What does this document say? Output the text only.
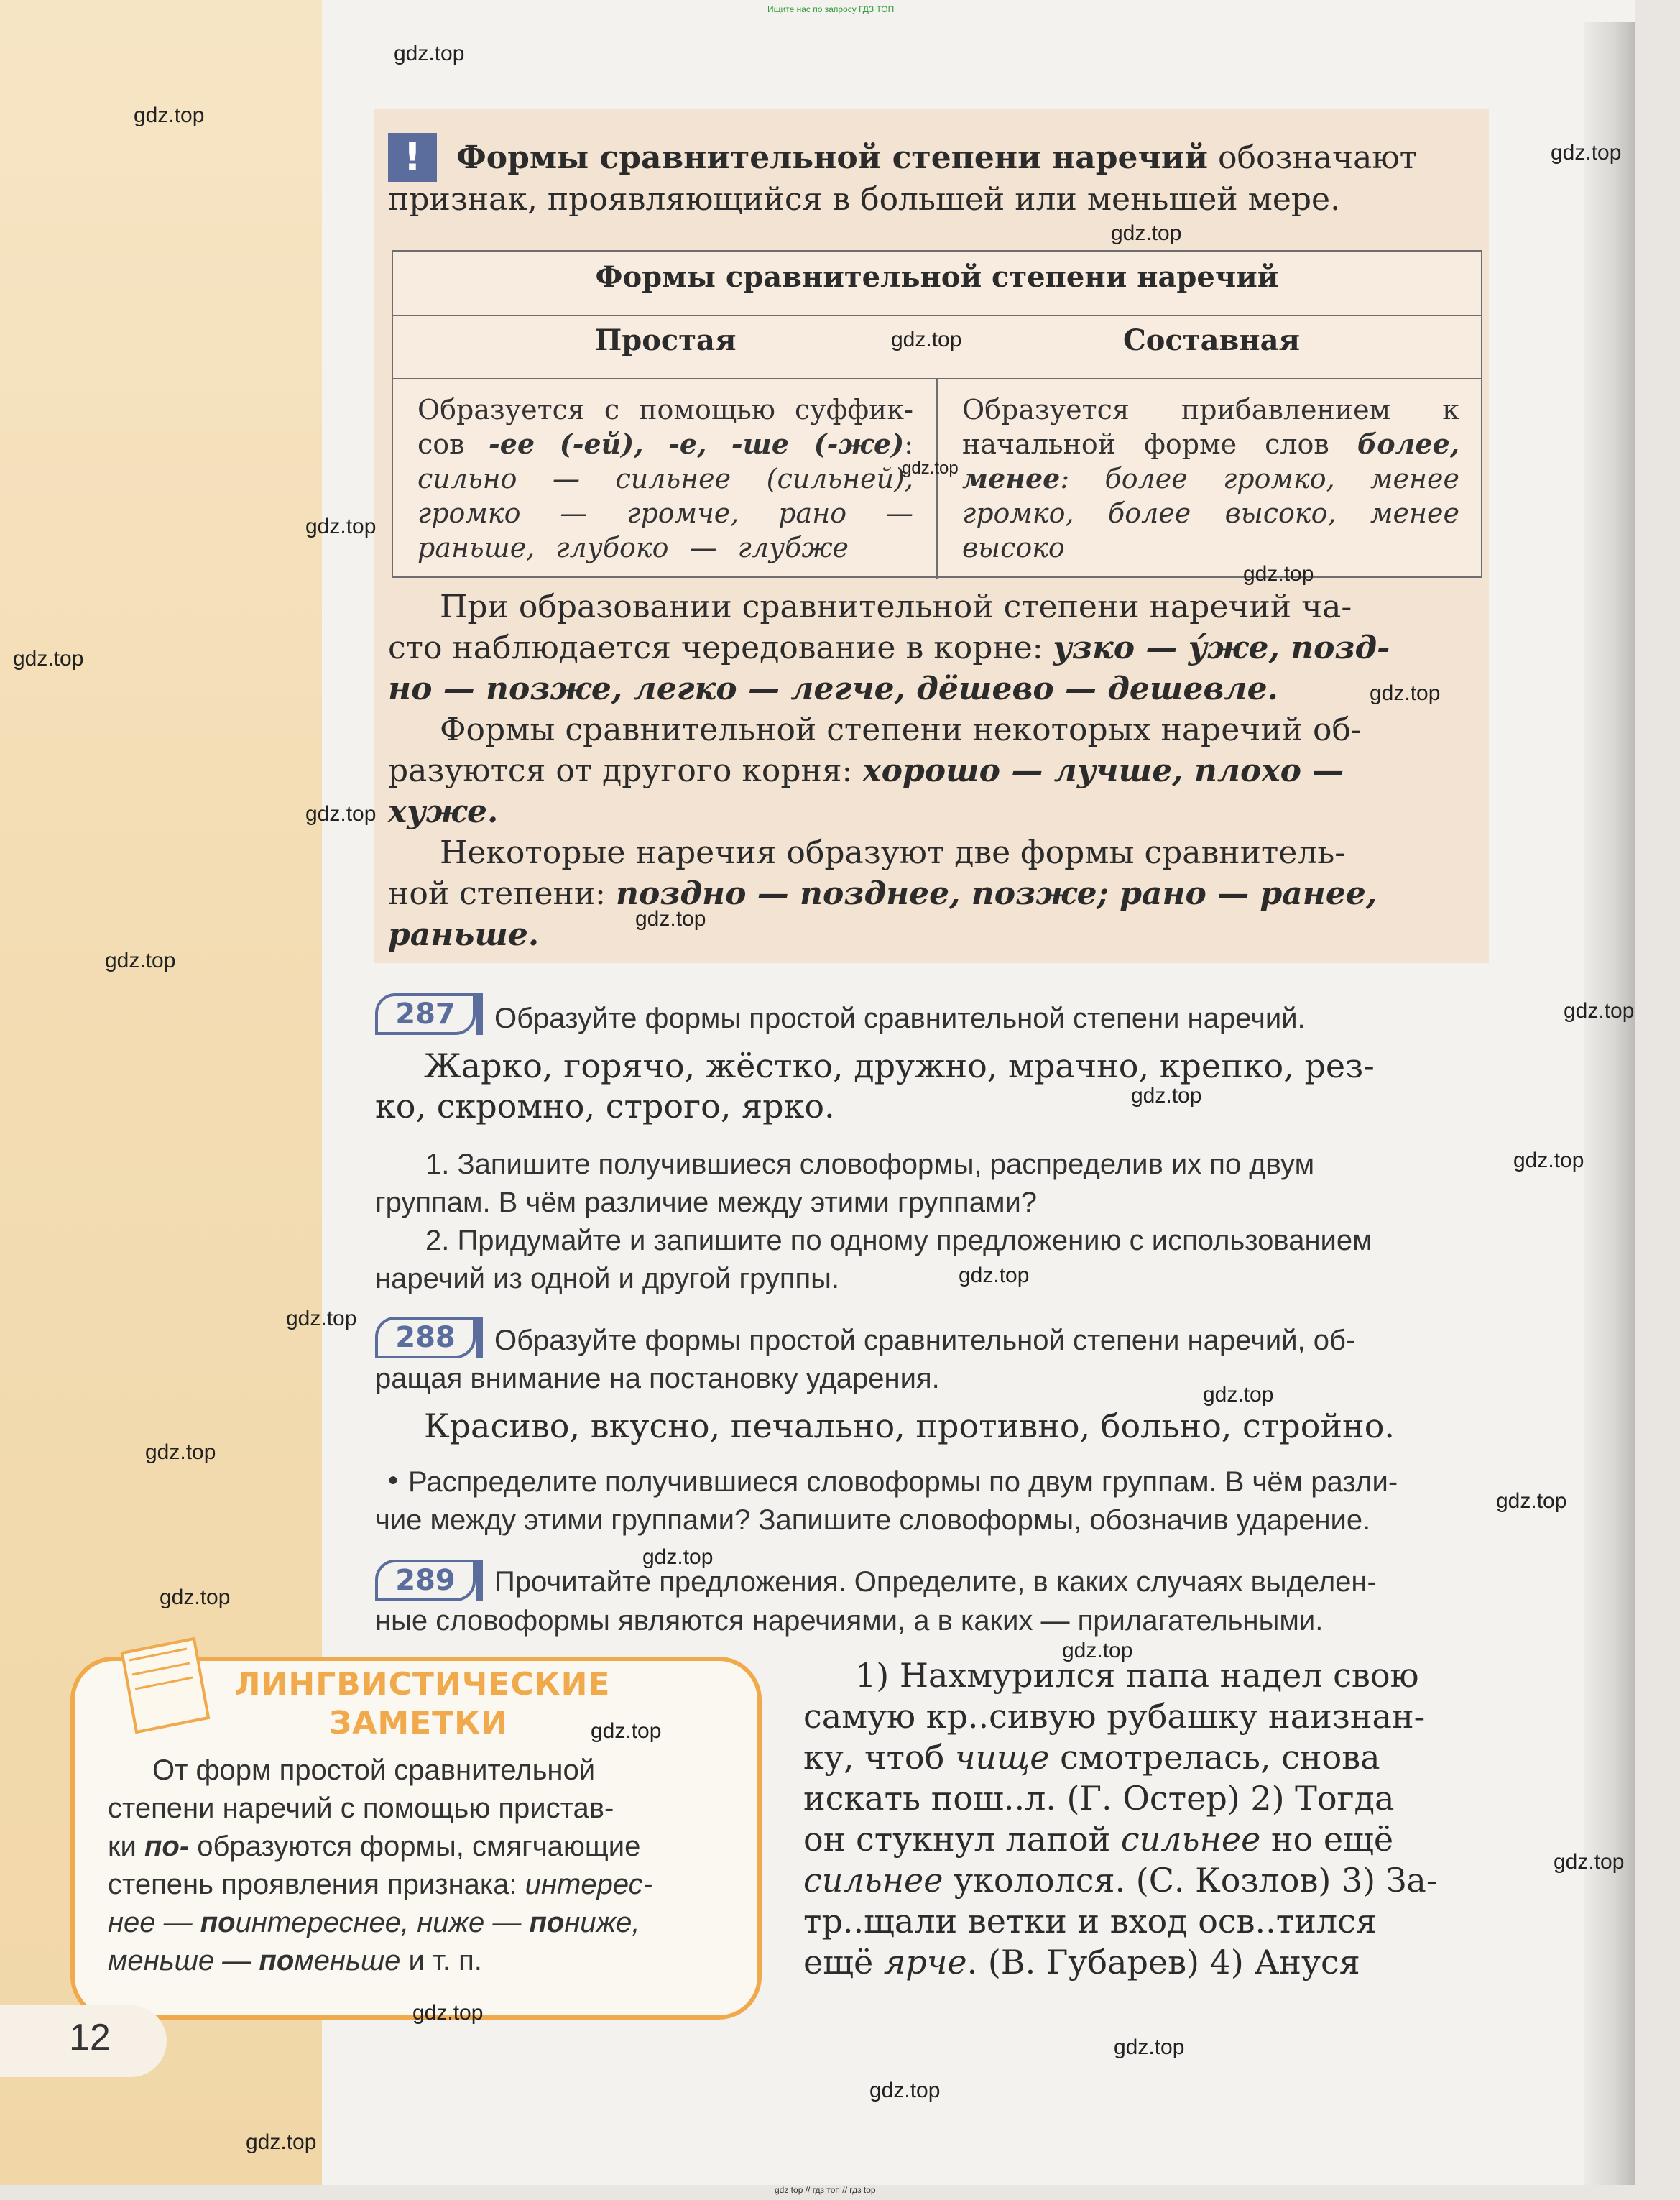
Ищите нас по запросу ГДЗ ТОП
!	Формы сравнительной степени наречий обозначают
признак, проявляющийся в большей или меньшей мере.
Формы сравнительной степени наречий
Простая	Составная
Образуется с помощью суффик-
сов -ее (-ей), -е, -ше (-же):
сильно — сильнее (сильней),
громко — громче, рано —
раньше, глубоко — глубже
Образуется прибавлением к
начальной форме слов более,
менее: более громко, менее
громко, более высоко, менее
высоко
При образовании сравнительной степени наречий ча-
сто наблюдается чередование в корне: узко — у́же, позд-
но — позже, легко — легче, дёшево — дешевле.
Формы сравнительной степени некоторых наречий об-
разуются от другого корня: хорошо — лучше, плохо —
хуже.
Некоторые наречия образуют две формы сравнитель-
ной степени: поздно — позднее, позже; рано — ранее,
раньше.
287	Образуйте формы простой сравнительной степени наречий.
Жарко, горячо, жёстко, дружно, мрачно, крепко, рез-
ко, скромно, строго, ярко.
1. Запишите получившиеся словоформы, распределив их по двум
группам. В чём различие между этими группами?
2. Придумайте и запишите по одному предложению с использованием
наречий из одной и другой группы.
288	Образуйте формы простой сравнительной степени наречий, об-
ращая внимание на постановку ударения.
Красиво, вкусно, печально, противно, больно, стройно.
• Распределите получившиеся словоформы по двум группам. В чём разли-
чие между этими группами? Запишите словоформы, обозначив ударение.
289	Прочитайте предложения. Определите, в каких случаях выделен-
ные словоформы являются наречиями, а в каких — прилагательными.
1) Нахмурился папа надел свою
самую кр..сивую рубашку наизнан-
ку, чтоб чище смотрелась, снова
искать пош..л. (Г. Остер) 2) Тогда
он стукнул лапой сильнее но ещё
сильнее укололся. (С. Козлов) 3) За-
тр..щали ветки и вход осв..тился
ещё ярче. (В. Губарев) 4) Ануся
ЛИНГВИСТИЧЕСКИЕ
ЗАМЕТКИ
От форм простой сравнительной
степени наречий с помощью пристав-
ки по- образуются формы, смягчающие
степень проявления признака: интерес-
нее — поинтереснее, ниже — пониже,
меньше — поменьше и т. п.
12
gdz.top
gdz.top
gdz.top
gdz.top
gdz.top
gdz.top
gdz.top
gdz.top
gdz.top
gdz.top
gdz.top
gdz.top
gdz.top
gdz.top
gdz.top
gdz.top
gdz.top
gdz.top
gdz.top
gdz.top
gdz.top
gdz.top
gdz.top
gdz.top
gdz.top
gdz.top
gdz.top
gdz.top
gdz.top
gdz.top
gdz top // гдз топ // гдз top
